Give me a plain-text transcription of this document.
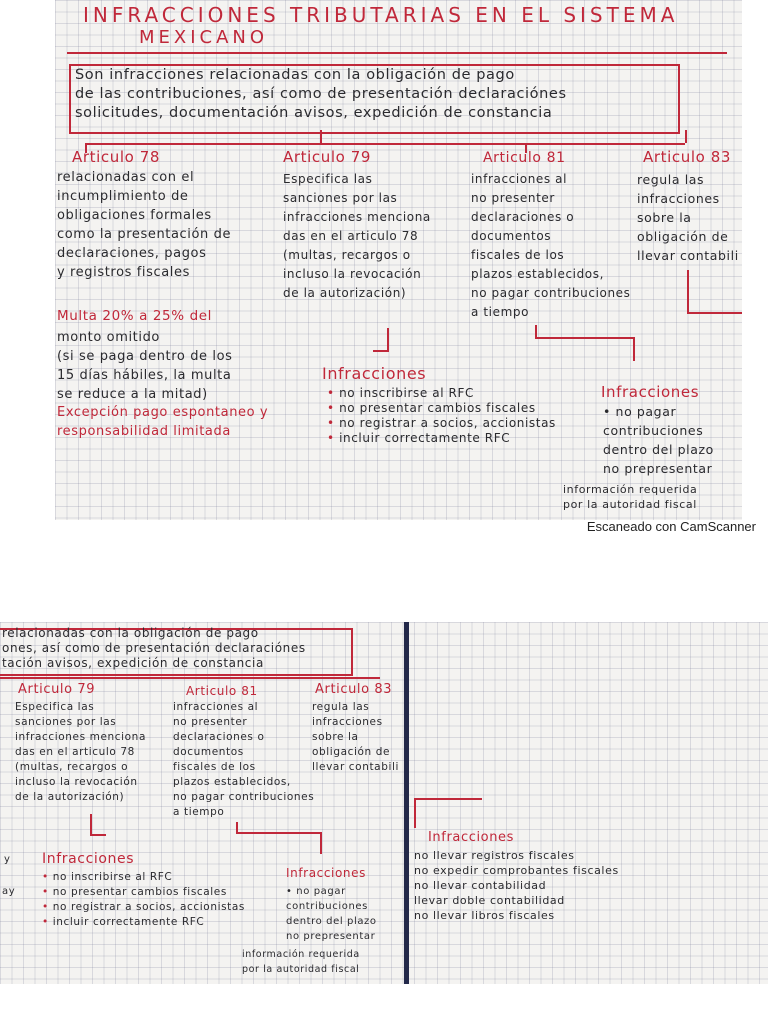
INFRACCIONES TRIBUTARIAS EN EL SISTEMA
MEXICANO
Son infracciones relacionadas con la obligación de pago
de las contribuciones, así como de presentación declaraciónes
solicitudes, documentación avisos, expedición de constancia
Articulo 78
relacionadas con el
incumplimiento de
obligaciones formales
como la presentación de
declaraciones, pagos
y registros fiscales
Multa 20% a 25% del
monto omitido
(si se paga dentro de los
15 días hábiles, la multa
se reduce a la mitad)
Excepción pago espontaneo y
responsabilidad limitada
Articulo 79
Especifica las
sanciones por las
infracciones menciona
das en el articulo 78
(multas, recargos o
incluso la revocación
de la autorización)
Articulo 81
infracciones al
no presenter
declaraciones o
documentos
fiscales de los
plazos establecidos,
no pagar contribuciones
a tiempo
Articulo 83
regula las
infracciones
sobre la
obligación de
llevar contabili
Infracciones
• no inscribirse al RFC
• no presentar cambios fiscales
• no registrar a socios, accionistas
• incluir correctamente RFC
Infracciones
• no pagar
contribuciones
dentro del plazo
no prepresentar
información requerida
por la autoridad fiscal
Escaneado con CamScanner
relacionadas con la obligación de pago
ones, así como de presentación declaraciónes
tación avisos, expedición de constancia
Articulo 79
Especifica las
sanciones por las
infracciones menciona
das en el articulo 78
(multas, recargos o
incluso la revocación
de la autorización)
Articulo 81
infracciones al
no presenter
declaraciones o
documentos
fiscales de los
plazos establecidos,
no pagar contribuciones
a tiempo
Articulo 83
regula las
infracciones
sobre la
obligación de
llevar contabili
y
ay
Infracciones
• no inscribirse al RFC
• no presentar cambios fiscales
• no registrar a socios, accionistas
• incluir correctamente RFC
Infracciones
• no pagar
contribuciones
dentro del plazo
no prepresentar
información requerida
por la autoridad fiscal
Infracciones
no llevar registros fiscales
no expedir comprobantes fiscales
no llevar contabilidad
llevar doble contabilidad
no llevar libros fiscales
